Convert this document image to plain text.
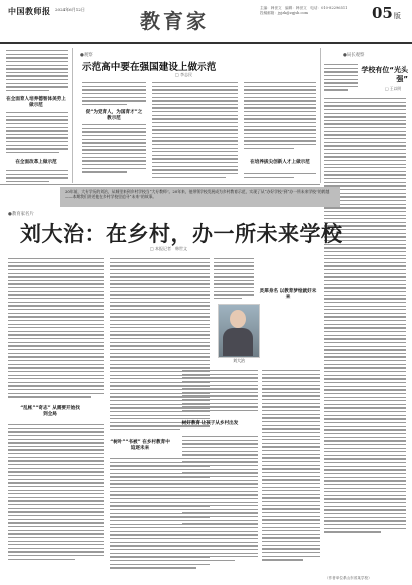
中国教师报 2024年6月12日	教育家
主编：韩世文　编辑：韩世文　电话：010-82296511
投稿邮箱：jyjzk@zgjsb.com	05版
在全面育人培养德智体美劳上做示范
在全面改革上做示范
●观察
示范高中要在强国建设上做示范
□ 李志民
促“为党育人，为国育才”之教示范
在培养拔尖创新人才上做示范
●局长观察
学校有位“光头强”
□ 王以明
20年前，大专学历的刘治，从城里来到乡村学校当“大专教师”。20年来，他带领学校发展成为乡村教育示范，实现了从“办好学校”到“办一所未来学校”的跨越——本期我们讲述他在乡村学校里追寻“未来”的故事。
●教育家名片
刘大治：在乡村，办一所未来学校
□ 本报记者　韩世文
“乱帐”“奇志” 从需要开始找到全局
“树叶”“书被” 在乡村教育中追逐未来
刘大治
树好教育 让孩子从乡村出发
灵犀身名 以教育梦绘就好未来
（作者单位系山东省某学校）
